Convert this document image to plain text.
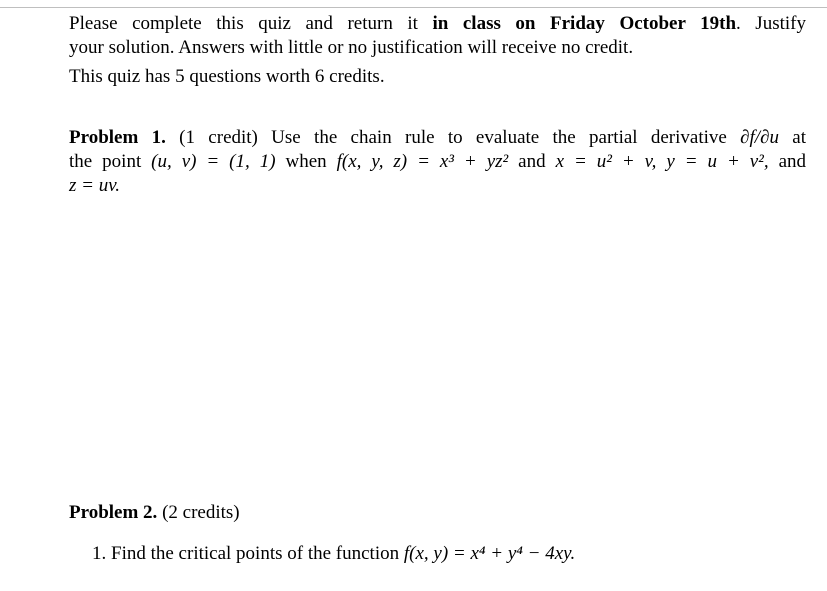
Please complete this quiz and return it in class on Friday October 19th. Justify
your solution. Answers with little or no justification will receive no credit.
This quiz has 5 questions worth 6 credits.
Problem 1. (1 credit) Use the chain rule to evaluate the partial derivative ∂f/∂u at
the point (u, v) = (1, 1) when f(x, y, z) = x³ + yz² and x = u² + v, y = u + v², and
z = uv.
Problem 2. (2 credits)
1. Find the critical points of the function f(x, y) = x⁴ + y⁴ − 4xy.
